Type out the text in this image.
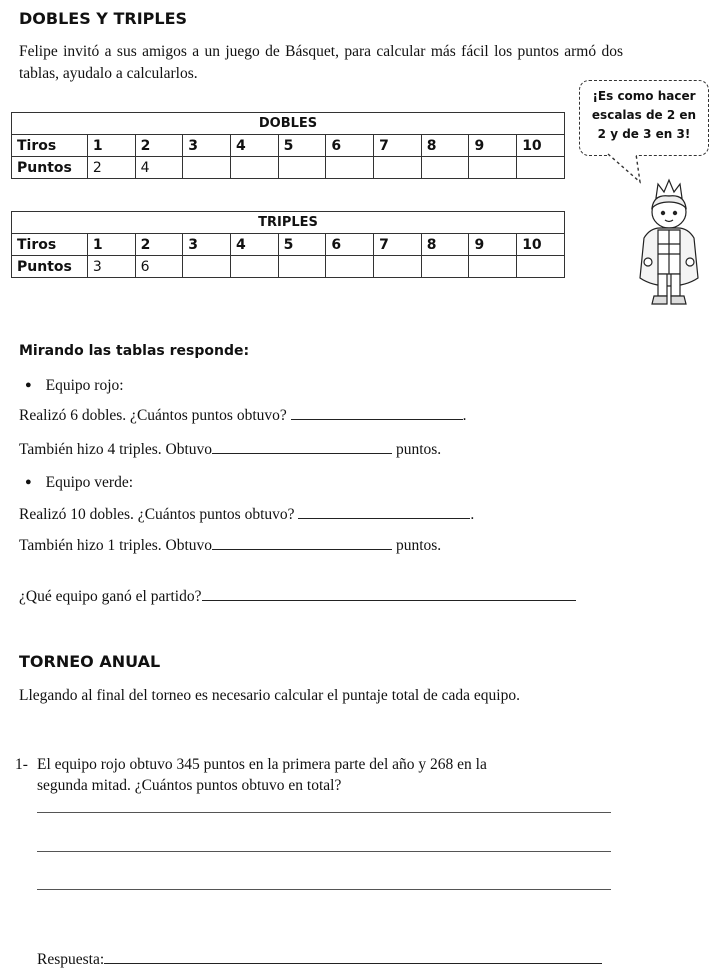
DOBLES Y TRIPLES
Felipe invitó a sus amigos a un juego de Básquet, para calcular más fácil los puntos armó dos tablas, ayudalo a calcularlos.
DOBLES										
Tiros	1	2	3	4	5	6	7	8	9	10
Puntos	2	4								
TRIPLES										
Tiros	1	2	3	4	5	6	7	8	9	10
Puntos	3	6								
¡Es como hacer
escalas de 2 en
2 y de 3 en 3!
Mirando las tablas responde:
● Equipo rojo:
Realizó 6 dobles. ¿Cuántos puntos obtuvo?	.
También hizo 4 triples. Obtuvo	puntos.
● Equipo verde:
Realizó 10 dobles. ¿Cuántos puntos obtuvo?	.
También hizo 1 triples. Obtuvo	puntos.
¿Qué equipo ganó el partido?
TORNEO ANUAL
Llegando al final del torneo es necesario calcular el puntaje total de cada equipo.
1- El equipo rojo obtuvo 345 puntos en la primera parte del año y 268 en la
segunda mitad. ¿Cuántos puntos obtuvo en total?
Respuesta:
